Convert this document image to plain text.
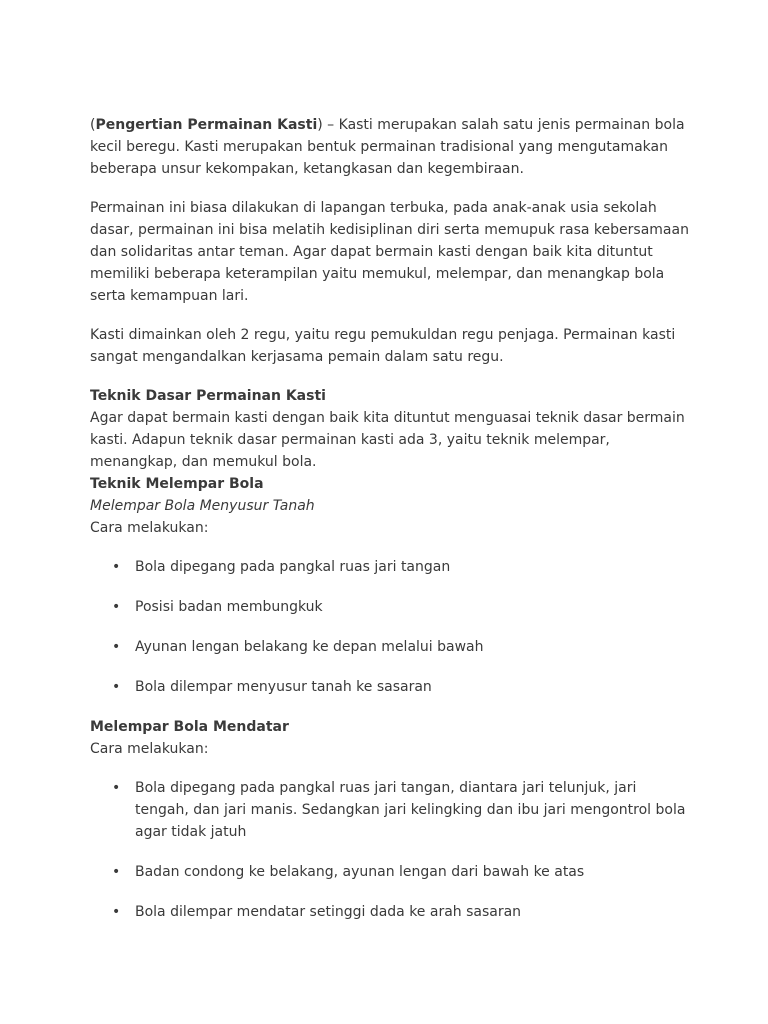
(Pengertian Permainan Kasti) – Kasti merupakan salah satu jenis permainan bola kecil beregu. Kasti merupakan bentuk permainan tradisional yang mengutamakan beberapa unsur kekompakan, ketangkasan dan kegembiraan.

Permainan ini biasa dilakukan di lapangan terbuka, pada anak-anak usia sekolah dasar, permainan ini bisa melatih kedisiplinan diri serta memupuk rasa kebersamaan dan solidaritas antar teman. Agar dapat bermain kasti dengan baik kita dituntut memiliki beberapa keterampilan yaitu memukul, melempar, dan menangkap bola serta kemampuan lari.

Kasti dimainkan oleh 2 regu, yaitu regu pemukuldan regu penjaga. Permainan kasti sangat mengandalkan kerjasama pemain dalam satu regu.

Teknik Dasar Permainan Kasti

Agar dapat bermain kasti dengan baik kita dituntut menguasai teknik dasar bermain kasti. Adapun teknik dasar permainan kasti ada 3, yaitu teknik melempar, menangkap, dan memukul bola.

Teknik Melempar Bola

Melempar Bola Menyusur Tanah

Cara melakukan:

• Bola dipegang pada pangkal ruas jari tangan
• Posisi badan membungkuk
• Ayunan lengan belakang ke depan melalui bawah
• Bola dilempar menyusur tanah ke sasaran

Melempar Bola Mendatar

Cara melakukan:

• Bola dipegang pada pangkal ruas jari tangan, diantara jari telunjuk, jari tengah, dan jari manis. Sedangkan jari kelingking dan ibu jari mengontrol bola agar tidak jatuh
• Badan condong ke belakang, ayunan lengan dari bawah ke atas
• Bola dilempar mendatar setinggi dada ke arah sasaran
